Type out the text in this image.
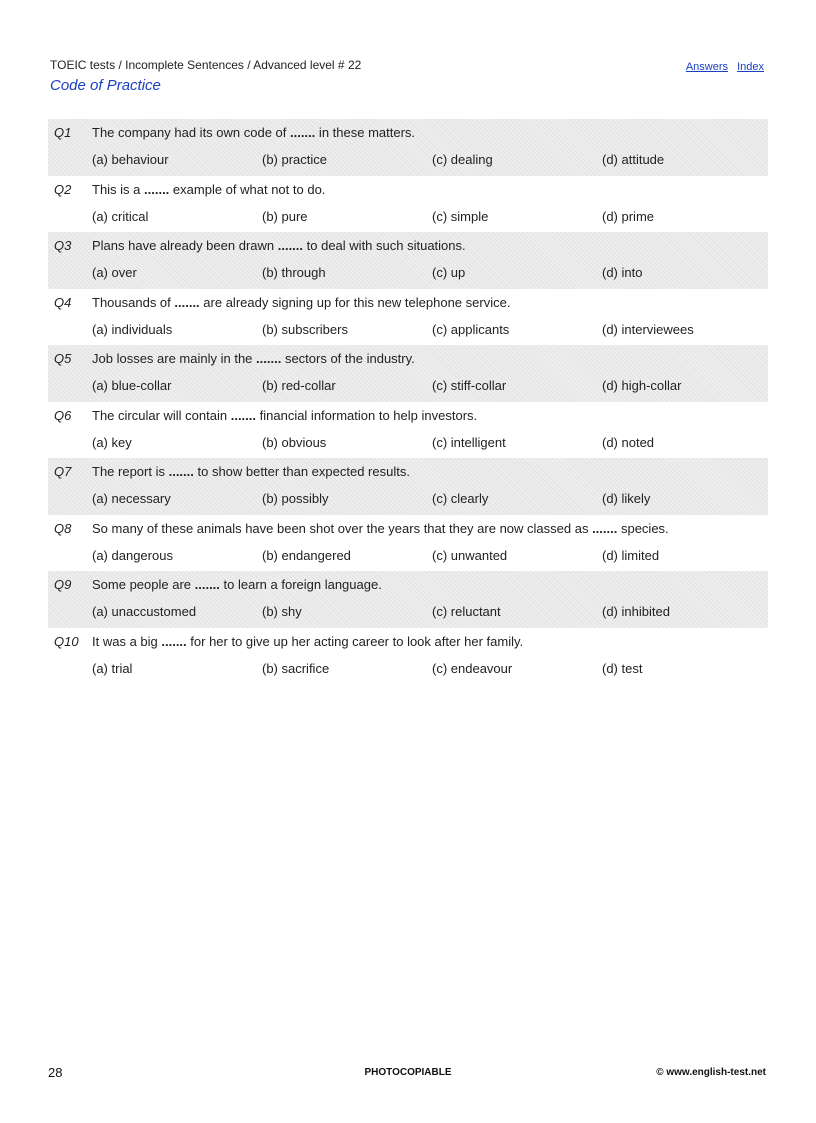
TOEIC tests / Incomplete Sentences / Advanced level # 22	Answers Index
Code of Practice
Q1 The company had its own code of ....... in these matters.
(a) behaviour	(b) practice	(c) dealing	(d) attitude
Q2 This is a ....... example of what not to do.
(a) critical	(b) pure	(c) simple	(d) prime
Q3 Plans have already been drawn ....... to deal with such situations.
(a) over	(b) through	(c) up	(d) into
Q4 Thousands of ....... are already signing up for this new telephone service.
(a) individuals	(b) subscribers	(c) applicants	(d) interviewees
Q5 Job losses are mainly in the ....... sectors of the industry.
(a) blue-collar	(b) red-collar	(c) stiff-collar	(d) high-collar
Q6 The circular will contain ....... financial information to help investors.
(a) key	(b) obvious	(c) intelligent	(d) noted
Q7 The report is ....... to show better than expected results.
(a) necessary	(b) possibly	(c) clearly	(d) likely
Q8 So many of these animals have been shot over the years that they are now classed as ....... species.
(a) dangerous	(b) endangered	(c) unwanted	(d) limited
Q9 Some people are ....... to learn a foreign language.
(a) unaccustomed	(b) shy	(c) reluctant	(d) inhibited
Q10 It was a big ....... for her to give up her acting career to look after her family.
(a) trial	(b) sacrifice	(c) endeavour	(d) test
28	PHOTOCOPIABLE	© www.english-test.net
